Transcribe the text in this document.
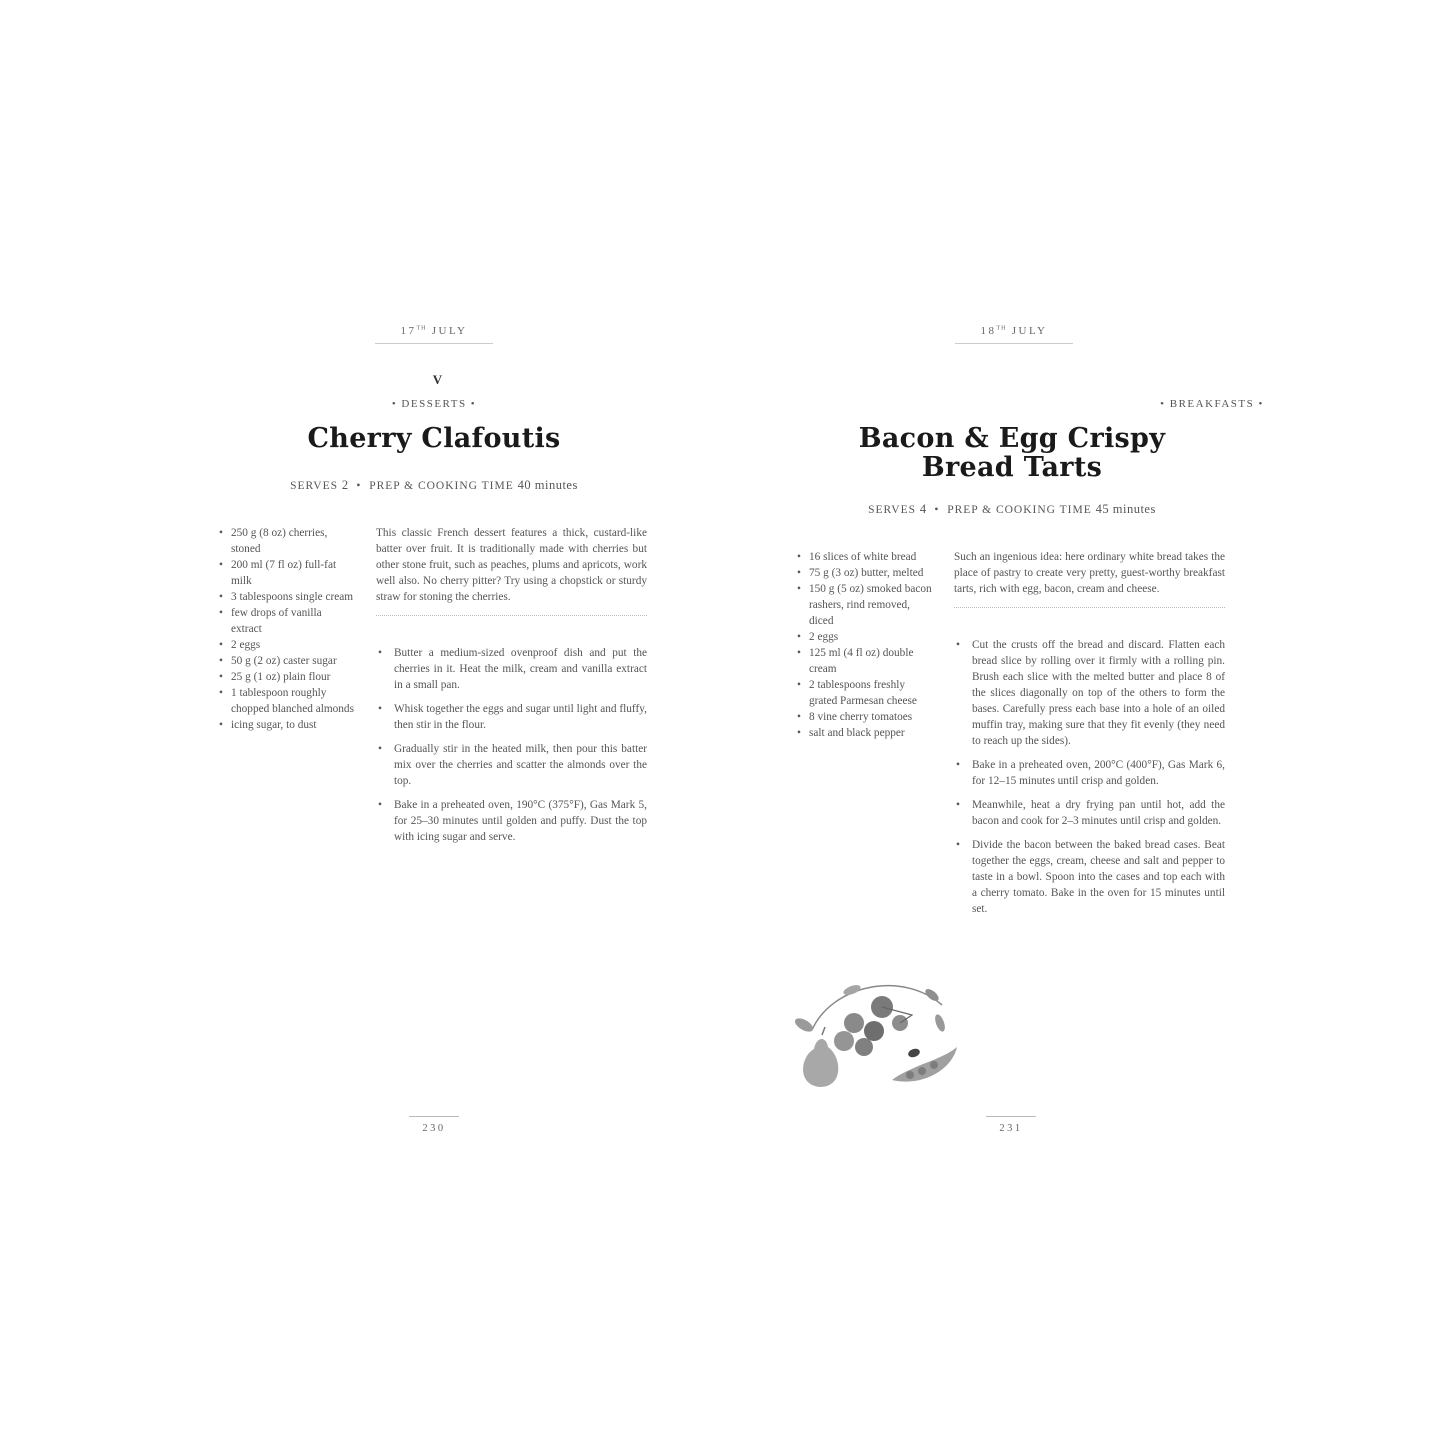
17TH JULY
V
• DESSERTS •
Cherry Clafoutis
SERVES 2 • PREP & COOKING TIME 40 minutes
• 250 g (8 oz) cherries, stoned
• 200 ml (7 fl oz) full-fat milk
• 3 tablespoons single cream
• few drops of vanilla extract
• 2 eggs
• 50 g (2 oz) caster sugar
• 25 g (1 oz) plain flour
• 1 tablespoon roughly chopped blanched almonds
• icing sugar, to dust
This classic French dessert features a thick, custard-like batter over fruit. It is traditionally made with cherries but other stone fruit, such as peaches, plums and apricots, work well also. No cherry pitter? Try using a chopstick or sturdy straw for stoning the cherries.
• Butter a medium-sized ovenproof dish and put the cherries in it. Heat the milk, cream and vanilla extract in a small pan.
• Whisk together the eggs and sugar until light and fluffy, then stir in the flour.
• Gradually stir in the heated milk, then pour this batter mix over the cherries and scatter the almonds over the top.
• Bake in a preheated oven, 190°C (375°F), Gas Mark 5, for 25–30 minutes until golden and puffy. Dust the top with icing sugar and serve.
230
18TH JULY
• BREAKFASTS •
Bacon & Egg Crispy
Bread Tarts
SERVES 4 • PREP & COOKING TIME 45 minutes
• 16 slices of white bread
• 75 g (3 oz) butter, melted
• 150 g (5 oz) smoked bacon rashers, rind removed, diced
• 2 eggs
• 125 ml (4 fl oz) double cream
• 2 tablespoons freshly grated Parmesan cheese
• 8 vine cherry tomatoes
• salt and black pepper
Such an ingenious idea: here ordinary white bread takes the place of pastry to create very pretty, guest-worthy breakfast tarts, rich with egg, bacon, cream and cheese.
• Cut the crusts off the bread and discard. Flatten each bread slice by rolling over it firmly with a rolling pin. Brush each slice with the melted butter and place 8 of the slices diagonally on top of the others to form the bases. Carefully press each base into a hole of an oiled muffin tray, making sure that they fit evenly (they need to reach up the sides).
• Bake in a preheated oven, 200°C (400°F), Gas Mark 6, for 12–15 minutes until crisp and golden.
• Meanwhile, heat a dry frying pan until hot, add the bacon and cook for 2–3 minutes until crisp and golden.
• Divide the bacon between the baked bread cases. Beat together the eggs, cream, cheese and salt and pepper to taste in a bowl. Spoon into the cases and top each with a cherry tomato. Bake in the oven for 15 minutes until set.
231
